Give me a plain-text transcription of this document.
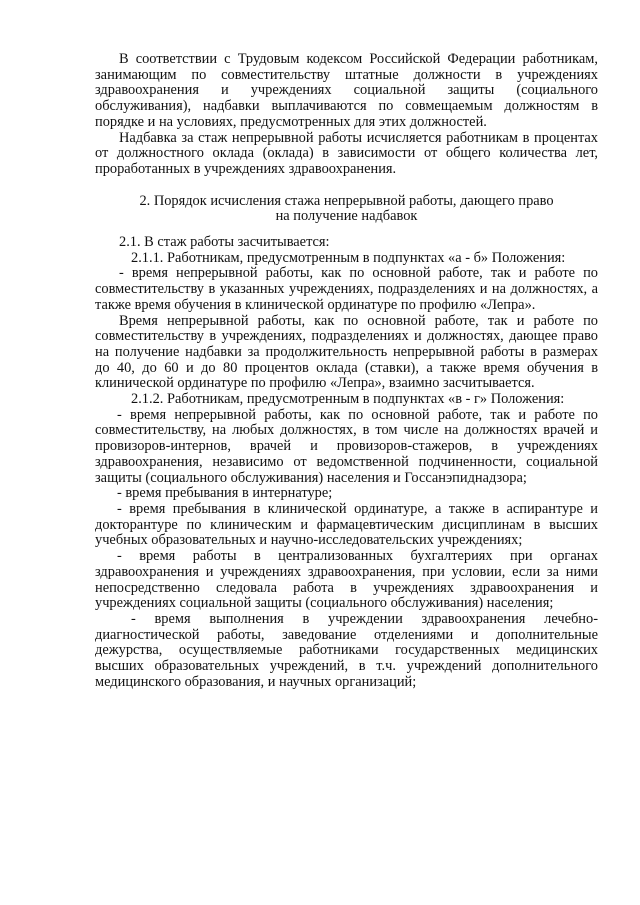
В соответствии с Трудовым кодексом Российской Федерации работникам, занимающим по совместительству штатные должности в учреждениях здравоохранения и учреждениях социальной защиты (социального обслуживания), надбавки выплачиваются по совмещаемым должностям в порядке и на условиях, предусмотренных для этих должностей.

Надбавка за стаж непрерывной работы исчисляется работникам в процентах от должностного оклада (оклада) в зависимости от общего количества лет, проработанных в учреждениях здравоохранения.

2. Порядок исчисления стажа непрерывной работы, дающего право

на получение надбавок

2.1. В стаж работы засчитывается:

2.1.1. Работникам, предусмотренным в подпунктах «а - б» Положения:

- время непрерывной работы, как по основной работе, так и работе по совместительству в указанных учреждениях, подразделениях и на должностях, а также время обучения в клинической ординатуре по профилю «Лепра».

Время непрерывной работы, как по основной работе, так и работе по совместительству в учреждениях, подразделениях и должностях, дающее право на получение надбавки за продолжительность непрерывной работы в размерах до 40, до 60 и до 80 процентов оклада (ставки), а также время обучения в клинической ординатуре по профилю «Лепра», взаимно засчитывается.

2.1.2. Работникам, предусмотренным в подпунктах «в - г» Положения:

- время непрерывной работы, как по основной работе, так и работе по совместительству, на любых должностях, в том числе на должностях врачей и провизоров-интернов, врачей и провизоров-стажеров, в учреждениях здравоохранения, независимо от ведомственной подчиненности, социальной защиты (социального обслуживания) населения и Госсанэпиднадзора;

- время пребывания в интернатуре;

- время пребывания в клинической ординатуре, а также в аспирантуре и докторантуре по клиническим и фармацевтическим дисциплинам в высших учебных образовательных и научно-исследовательских учреждениях;

- время работы в централизованных бухгалтериях при органах здравоохранения и учреждениях здравоохранения, при условии, если за ними непосредственно следовала работа в учреждениях здравоохранения и учреждениях социальной защиты (социального обслуживания) населения;

- время выполнения в учреждении здравоохранения лечебно-диагностической работы, заведование отделениями и дополнительные дежурства, осуществляемые работниками государственных медицинских высших образовательных учреждений, в т.ч. учреждений дополнительного медицинского образования, и научных организаций;
